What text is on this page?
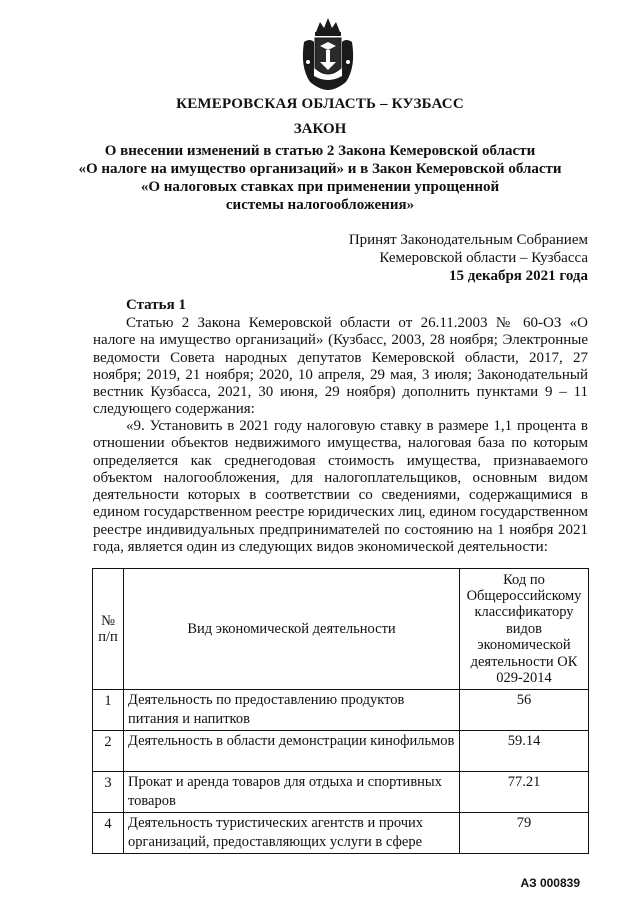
КЕМЕРОВСКАЯ ОБЛАСТЬ – КУЗБАСС
ЗАКОН
О внесении изменений в статью 2 Закона Кемеровской области
«О налоге на имущество организаций» и в Закон Кемеровской области
«О налоговых ставках при применении упрощенной
системы налогообложения»
Принят Законодательным Собранием
Кемеровской области – Кузбасса
15 декабря 2021 года
Статья 1
Статью 2 Закона Кемеровской области от 26.11.2003 № 60-ОЗ «О налоге на имущество организаций» (Кузбасс, 2003, 28 ноября; Электронные ведомости Совета народных депутатов Кемеровской области, 2017, 27 ноября; 2019, 21 ноября; 2020, 10 апреля, 29 мая, 3 июля; Законодательный вестник Кузбасса, 2021, 30 июня, 29 ноября) дополнить пунктами 9 – 11 следующего содержания:
«9. Установить в 2021 году налоговую ставку в размере 1,1 процента в отношении объектов недвижимого имущества, налоговая база по которым определяется как среднегодовая стоимость имущества, признаваемого объектом налогообложения, для налогоплательщиков, основным видом деятельности которых в соответствии со сведениями, содержащимися в едином государственном реестре юридических лиц, едином государственном реестре индивидуальных предпринимателей по состоянию на 1 ноября 2021 года, является один из следующих видов экономической деятельности:
№ п/п	Вид экономической деятельности	Код по Общероссийскому классификатору видов экономической деятельности ОК 029-2014
1	Деятельность по предоставлению продуктов питания и напитков	56
2	Деятельность в области демонстрации кинофильмов	59.14
3	Прокат и аренда товаров для отдыха и спортивных товаров	77.21
4	Деятельность туристических агентств и прочих организаций, предоставляющих услуги в сфере	79
АЗ 000839
